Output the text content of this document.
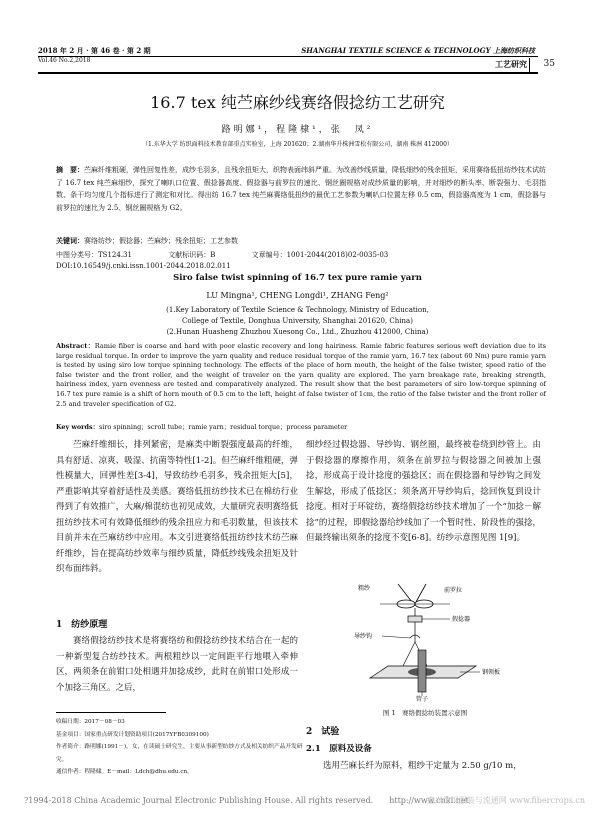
2018 年 2 月 · 第 46 卷 · 第 2 期
Vol.46 No.2,2018
SHANGHAI TEXTILE SCIENCE & TECHNOLOGY 上海纺织科技
工艺研究 35
16.7 tex 纯苎麻纱线赛络假捻纺工艺研究
路明娜¹，程隆棣¹，张　凤²
（1.东华大学 纺织面料技术教育部重点实验室，上海 201620；2.湖南华升株洲雪松有限公司，湖南 株洲 412000）
摘　要：苎麻纤维粗硬，弹性回复性差，成纱毛羽多，且残余扭矩大，织物表面纬斜严重。为改善纱线质量，降低细纱的残余扭矩，采用赛络低扭纺纱技术试纺了 16.7 tex 纯苎麻细纱，探究了喇叭口位置、假捻器高度、假捻器与前罗拉的速比、钢丝圈规格对成纱质量的影响，并对细纱的断头率、断裂强力、毛羽指数、条干均匀度几个指标进行了测定和对比。得出纺 16.7 tex 纯苎麻赛络低扭纱的最优工艺参数为喇叭口位置左移 0.5 cm，假捻器高度为 1 cm，假捻器与前罗拉的速比为 2.5、钢丝圈规格为 G2。
关键词：赛络纺纱；假捻器；苎麻纱；残余扭矩；工艺参数
中图分类号：TS124.31	文献标识码：B	文章编号：1001-2044(2018)02-0035-03
DOI:10.16549/j.cnki.issn.1001-2044.2018.02.011
Siro false twist spinning of 16.7 tex pure ramie yarn
LU Mingna¹, CHENG Longdi¹, ZHANG Feng²
(1.Key Laboratory of Textile Science & Technology, Ministry of Education,
College of Textile, Donghua University, Shanghai 201620, China)
(2.Hunan Huasheng Zhuzhou Xuesong Co., Ltd., Zhuzhou 412000, China)
Abstract：Ramie fiber is coarse and hard with poor elastic recovery and long hairiness. Ramie fabric features serious weft deviation due to its large residual torque. In order to improve the yarn quality and reduce residual torque of the ramie yarn, 16.7 tex (about 60 Nm) pure ramie yarn is tested by using siro low torque spinning technology. The effects of the place of horn mouth, the height of the false twister, speed ratio of the false twister and the front roller, and the weight of traveler on the yarn quality are explored. The yarn breakage rate, breaking strength, hairiness index, yarn evenness are tested and comparatively analyzed. The result show that the best parameters of siro low-torque spinning of 16.7 tex pure ramie is a shift of horn mouth of 0.5 cm to the left, height of false twister of 1cm, the ratio of the false twister and the front roller of 2.5 and traveler specification of G2.
Key words：siro spinning；scroll tube；ramie yarn；residual torque；process parameter
苎麻纤维细长，排列紧密，是麻类中断裂强度最高的纤维，具有舒适、凉爽、吸湿、抗菌等特性[1-2]。但苎麻纤维粗硬，弹性模量大，回弹性差[3-4]，导致纺纱毛羽多，残余扭矩大[5]，严重影响其穿着舒适性及美感。赛络低扭纺纱技术已在棉纺行业得到了有效推广，大麻/棉混纺也初见成效，大量研究表明赛络低扭纺纱技术可有效降低细纱的残余扭应力和毛羽数量，但该技术目前并未在苎麻纺纱中应用。本文引进赛络低扭纺纱技术纺苎麻纤维纱，旨在提高纺纱效率与细纱质量，降低纱线残余扭矩及针织布面纬斜。
1　纺纱原理
赛络假捻纺纱技术是将赛络纺和假捻纺纱技术结合在一起的一种新型复合纺纱技术。两根粗纱以一定间距平行地喂入牵伸区，两须条在前钳口处相遇并加捻成纱，此时在前钳口处形成一个加捻三角区。之后，
收稿日期：2017－08－03
基金项目：国家重点研发计划资助项目(2017YFB0309100)
作者简介：路明娜(1991－)，女，在读硕士研究生，主要从事新型纺纱方式及相关纺织产品开发研究。
通信作者：程隆棣。E－mail：Ldch@dhu.edu.cn。
细纱经过假捻器、导纱钩、钢丝圈，最终被卷绕到纱管上。由于假捻器的摩擦作用，须条在前罗拉与假捻器之间被加上强捻，形成高于设计捻度的强捻区；而在假捻器和导纱钩之间发生解捻，形成了低捻区；须条离开导纱钩后，捻回恢复到设计捻度。相对于环锭纺，赛络假捻纺纱技术增加了一个“加捻－解捻”的过程，即假捻器给纱线加了一个暂时性、阶段性的强捻，但最终输出须条的捻度不变[6-8]。纺纱示意图见图 1[9]。
粗纱	前罗拉
假捻器
导纱钩
钢领板
管子
图 1　赛络假捻纺装置示意图
2　试验
2.1　原料及设备
选用苎麻长纤为原料，粗纱干定量为 2.50 g/10 m，
?1994-2018 China Academic Journal Electronic Publishing House. All rights reserved.　　http://www.cnki.net
嘉兴纺织服装与流通网 www.fibercrops.cn
